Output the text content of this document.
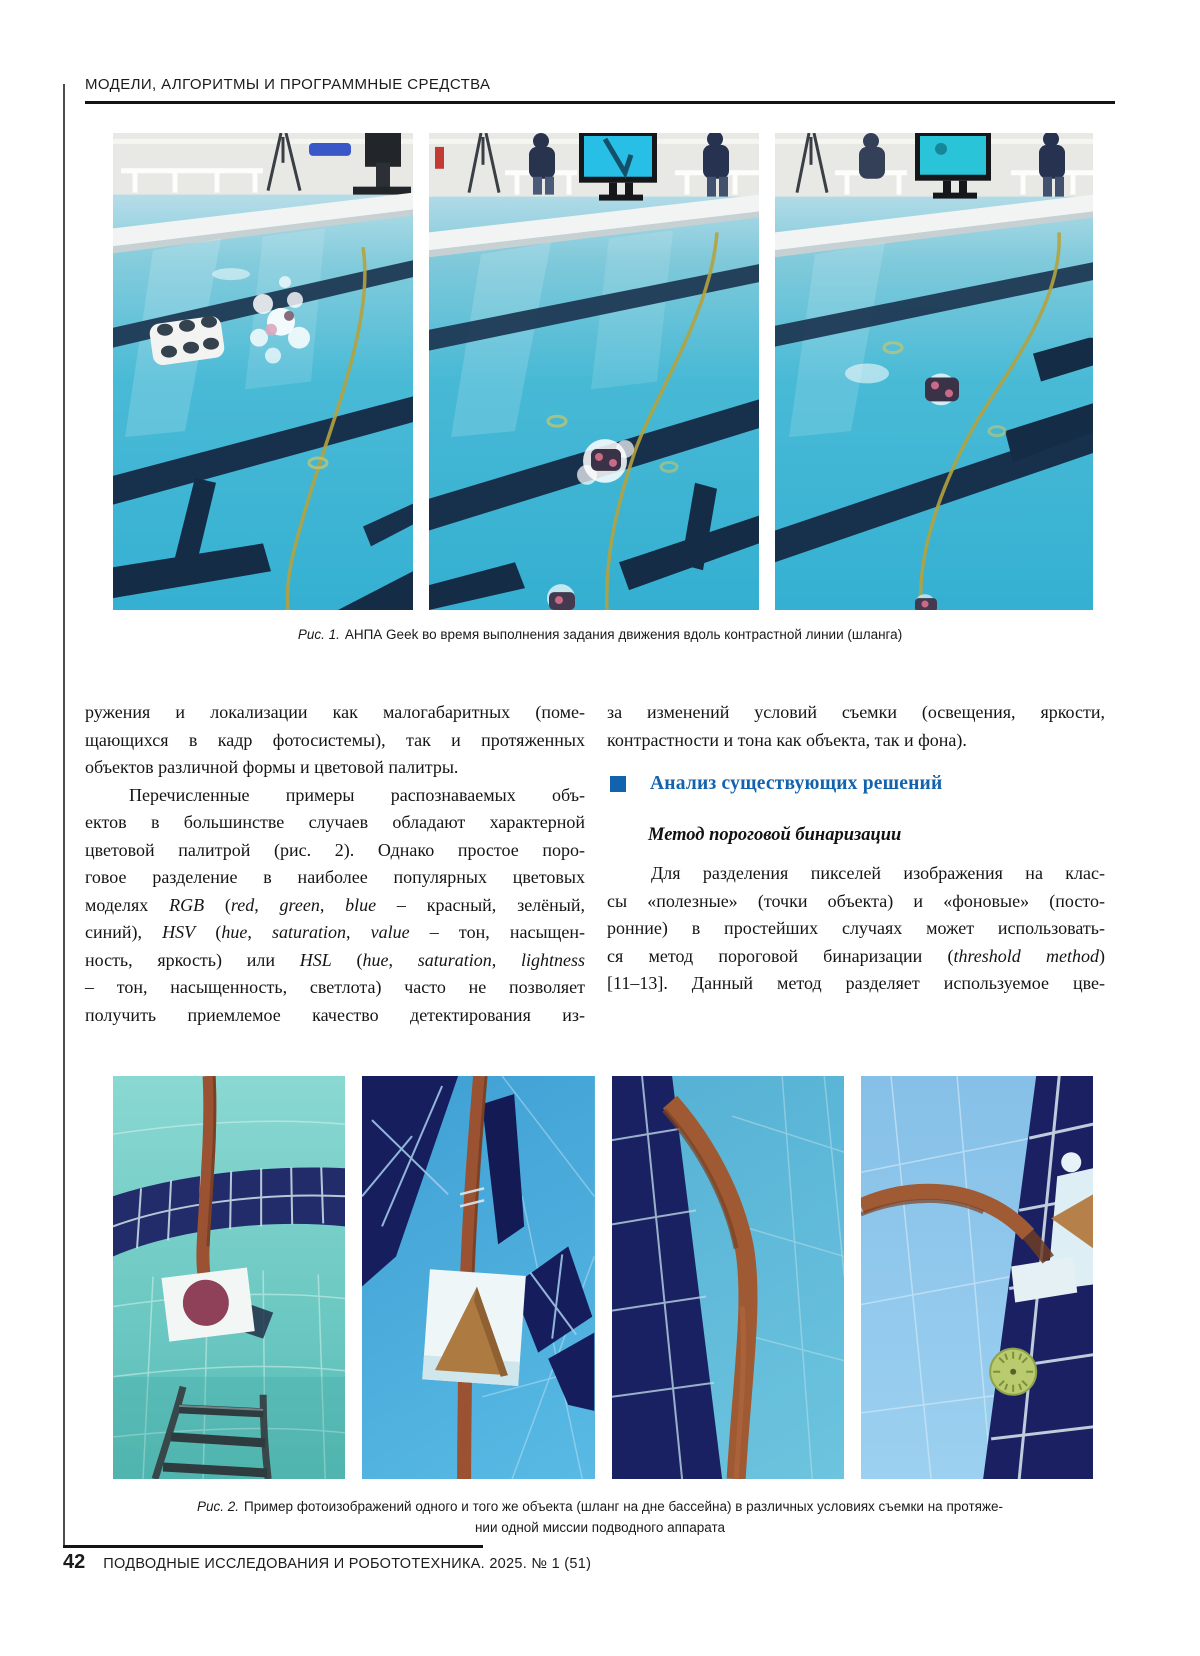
МОДЕЛИ, АЛГОРИТМЫ И ПРОГРАММНЫЕ СРЕДСТВА
Рис. 1. АНПА Geek во время выполнения задания движения вдоль контрастной линии (шланга)
ружения и локализации как малогабаритных (поме-
щающихся в кадр фотосистемы), так и протяженных
объектов различной формы и цветовой палитры.
Перечисленные примеры распознаваемых объ-
ектов в большинстве случаев обладают характерной
цветовой палитрой (рис. 2). Однако простое поро-
говое разделение в наиболее популярных цветовых
моделях RGB (red, green, blue – красный, зелёный,
синий), HSV (hue, saturation, value – тон, насыщен-
ность, яркость) или HSL (hue, saturation, lightness
– тон, насыщенность, светлота) часто не позволяет
получить приемлемое качество детектирования из-
за изменений условий съемки (освещения, яркости,
контрастности и тона как объекта, так и фона).
Анализ существующих решений
Метод пороговой бинаризации
Для разделения пикселей изображения на клас-
сы «полезные» (точки объекта) и «фоновые» (посто-
ронние) в простейших случаях может использовать-
ся метод пороговой бинаризации (threshold method)
[11–13]. Данный метод разделяет используемое цве-
Рис. 2. Пример фотоизображений одного и того же объекта (шланг на дне бассейна) в различных условиях съемки на протяже-
нии одной миссии подводного аппарата
42 ПОДВОДНЫЕ ИССЛЕДОВАНИЯ И РОБОТОТЕХНИКА. 2025. № 1 (51)
